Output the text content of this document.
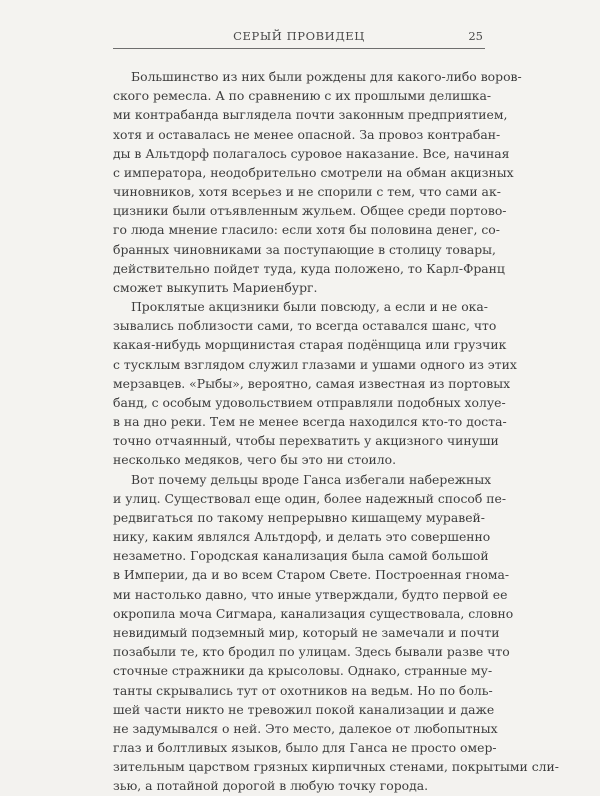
СЕРЫЙ ПРОВИДЕЦ	25
Большинство из них были рождены для какого-либо воров-
ского ремесла. А по сравнению с их прошлыми делишка-
ми контрабанда выглядела почти законным предприятием,
хотя и оставалась не менее опасной. За провоз контрабан-
ды в Альтдорф полагалось суровое наказание. Все, начиная
с императора, неодобрительно смотрели на обман акцизных
чиновников, хотя всерьез и не спорили с тем, что сами ак-
цизники были отъявленным жульем. Общее среди портово-
го люда мнение гласило: если хотя бы половина денег, со-
бранных чиновниками за поступающие в столицу товары,
действительно пойдет туда, куда положено, то Карл-Франц
сможет выкупить Мариенбург.
Проклятые акцизники были повсюду, а если и не ока-
зывались поблизости сами, то всегда оставался шанс, что
какая-нибудь морщинистая старая подёнщица или грузчик
с тусклым взглядом служил глазами и ушами одного из этих
мерзавцев. «Рыбы», вероятно, самая известная из портовых
банд, с особым удовольствием отправляли подобных холуе-
в на дно реки. Тем не менее всегда находился кто-то доста-
точно отчаянный, чтобы перехватить у акцизного чинуши
несколько медяков, чего бы это ни стоило.
Вот почему дельцы вроде Ганса избегали набережных
и улиц. Существовал еще один, более надежный способ пе-
редвигаться по такому непрерывно кишащему муравей-
нику, каким являлся Альтдорф, и делать это совершенно
незаметно. Городская канализация была самой большой
в Империи, да и во всем Старом Свете. Построенная гнома-
ми настолько давно, что иные утверждали, будто первой ее
окропила моча Сигмара, канализация существовала, словно
невидимый подземный мир, который не замечали и почти
позабыли те, кто бродил по улицам. Здесь бывали разве что
сточные стражники да крысоловы. Однако, странные му-
танты скрывались тут от охотников на ведьм. Но по боль-
шей части никто не тревожил покой канализации и даже
не задумывался о ней. Это место, далекое от любопытных
глаз и болтливых языков, было для Ганса не просто омер-
зительным царством грязных кирпичных стенами, покрытыми сли-
зью, а потайной дорогой в любую точку города.
